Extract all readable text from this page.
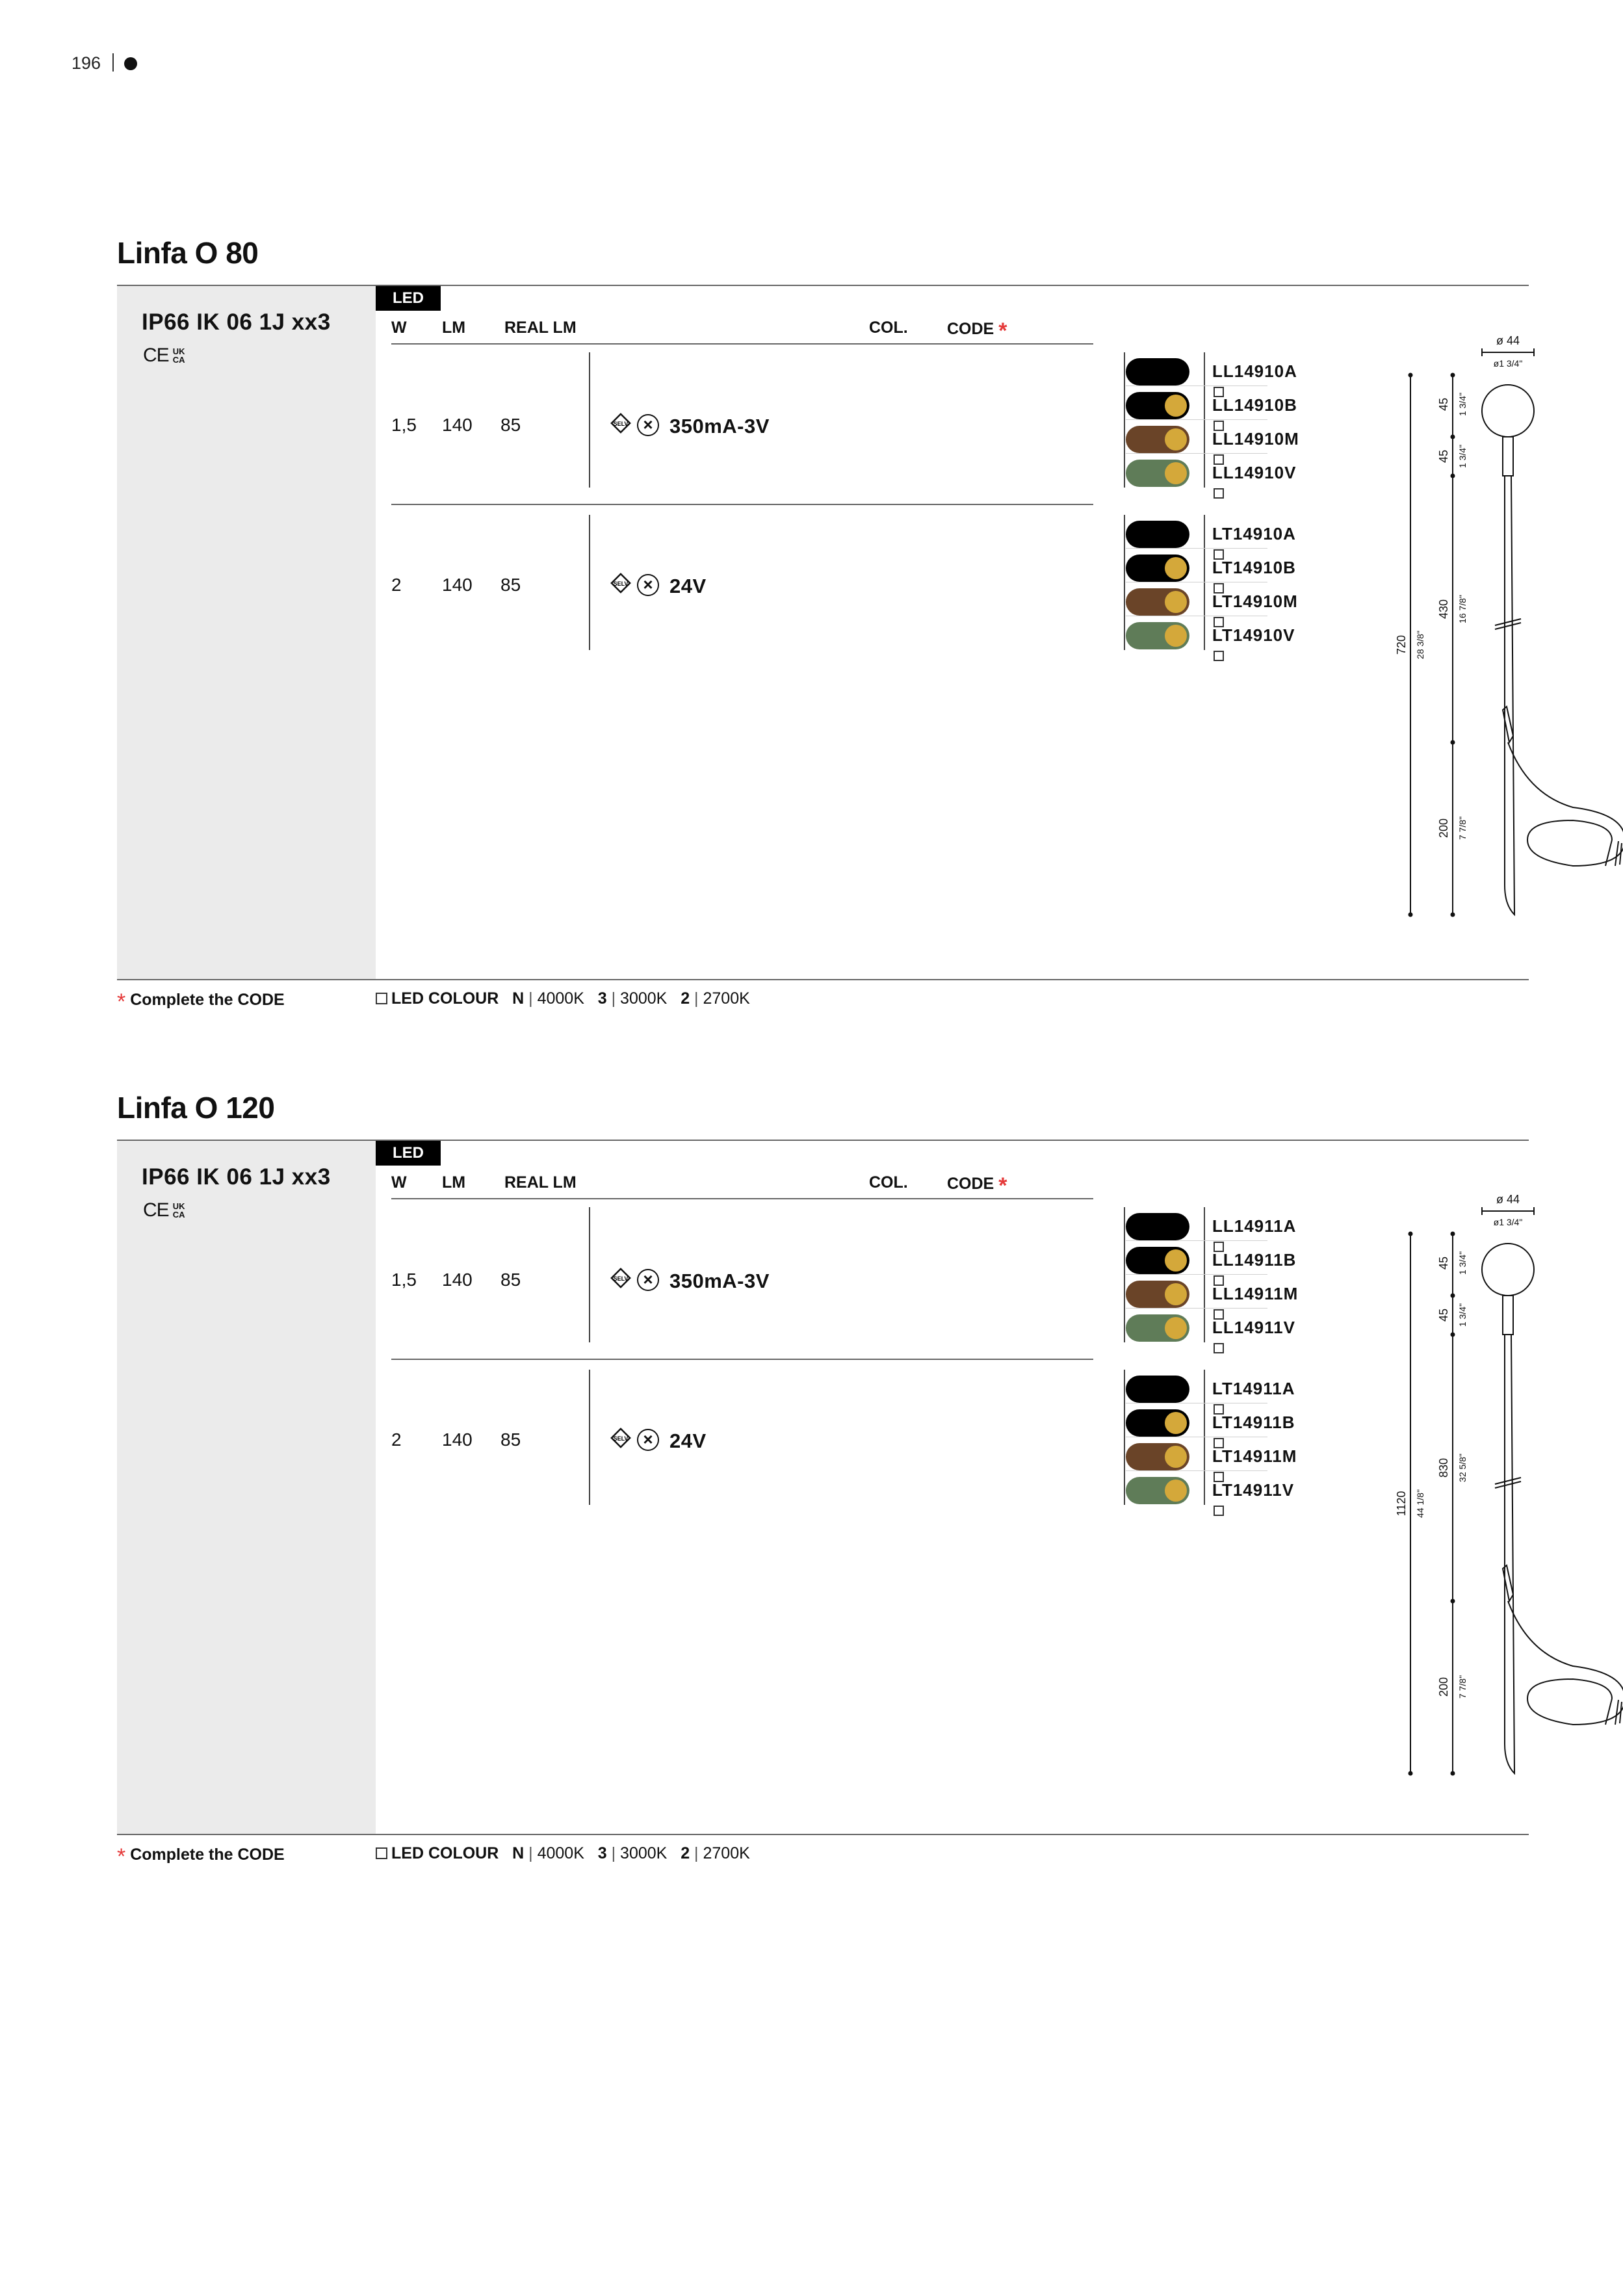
196
Linfa O 80
IP66 IK 06 1J xx3
CE UK CA
LED
W LM REAL LM	COL. CODE *
1,5 140 85	SELV × 350mA-3V
LL14910A
LL14910B
LL14910M
LL14910V
2 140 85	SELV × 24V
LT14910A
LT14910B
LT14910M
LT14910V
ø 44
ø1 3/4"
720 28 3/8"
45 1 3/4"
45 1 3/4"
430 16 7/8"
200 7 7/8"
* Complete the CODE	LED COLOUR N | 4000K 3 | 3000K 2 | 2700K
Linfa O 120
IP66 IK 06 1J xx3
CE UK CA
LED
W LM REAL LM	COL. CODE *
1,5 140 85	SELV × 350mA-3V
LL14911A
LL14911B
LL14911M
LL14911V
2 140 85	SELV × 24V
LT14911A
LT14911B
LT14911M
LT14911V
ø 44
ø1 3/4"
1120 44 1/8"
45 1 3/4"
45 1 3/4"
830 32 5/8"
200 7 7/8"
* Complete the CODE	LED COLOUR N | 4000K 3 | 3000K 2 | 2700K
